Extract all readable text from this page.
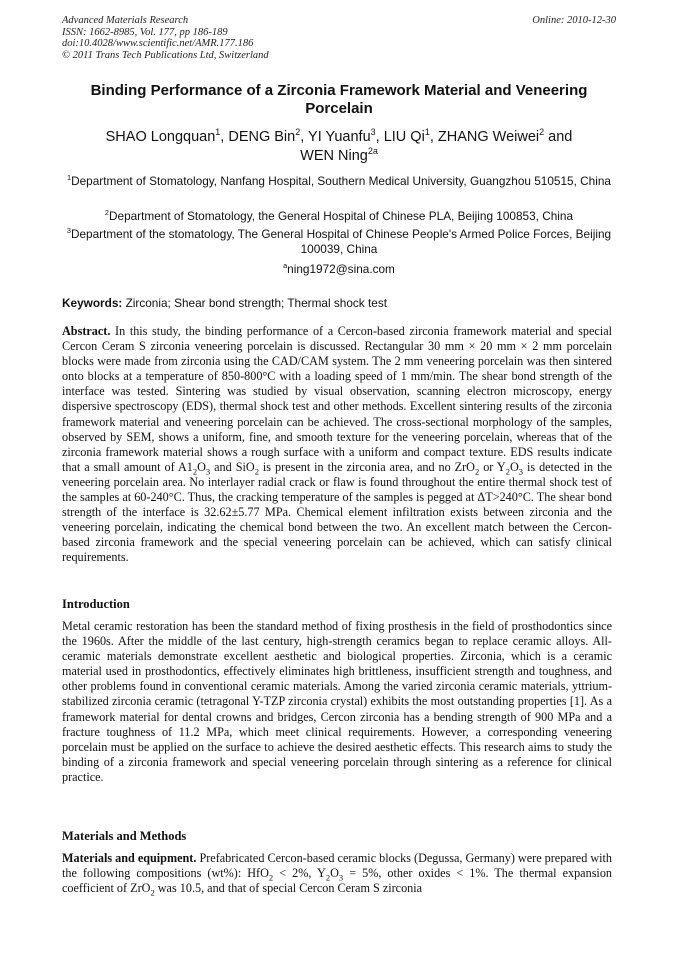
Advanced Materials Research
ISSN: 1662-8985, Vol. 177, pp 186-189
doi:10.4028/www.scientific.net/AMR.177.186
© 2011 Trans Tech Publications Ltd, Switzerland
Online: 2010-12-30
Binding Performance of a Zirconia Framework Material and Veneering Porcelain
SHAO Longquan$^1$, DENG Bin$^2$, YI Yuanfu$^3$, LIU Qi$^1$, ZHANG Weiwei$^2$ and
WEN Ning$^{2a}$
$^1$Department of Stomatology, Nanfang Hospital, Southern Medical University, Guangzhou 510515, China
$^2$Department of Stomatology, the General Hospital of Chinese PLA, Beijing 100853, China
$^3$Department of the stomatology, The General Hospital of Chinese People's Armed Police Forces, Beijing 100039, China
$^a$ning1972@sina.com
Keywords: Zirconia; Shear bond strength; Thermal shock test
Abstract. In this study, the binding performance of a Cercon-based zirconia framework material and special Cercon Ceram S zirconia veneering porcelain is discussed. Rectangular 30 mm × 20 mm × 2 mm porcelain blocks were made from zirconia using the CAD/CAM system. The 2 mm veneering porcelain was then sintered onto blocks at a temperature of 850-800°C with a loading speed of 1 mm/min. The shear bond strength of the interface was tested. Sintering was studied by visual observation, scanning electron microscopy, energy dispersive spectroscopy (EDS), thermal shock test and other methods. Excellent sintering results of the zirconia framework material and veneering porcelain can be achieved. The cross-sectional morphology of the samples, observed by SEM, shows a uniform, fine, and smooth texture for the veneering porcelain, whereas that of the zirconia framework material shows a rough surface with a uniform and compact texture. EDS results indicate that a small amount of $A1_2O_3$ and SiO$_2$ is present in the zirconia area, and no ZrO$_2$ or $Y_2O_3$ is detected in the veneering porcelain area. No interlayer radial crack or flaw is found throughout the entire thermal shock test of the samples at 60-240°C. Thus, the cracking temperature of the samples is pegged at ΔT>240°C. The shear bond strength of the interface is 32.62±5.77 MPa. Chemical element infiltration exists between zirconia and the veneering porcelain, indicating the chemical bond between the two. An excellent match between the Cercon-based zirconia framework and the special veneering porcelain can be achieved, which can satisfy clinical requirements.
Introduction
Metal ceramic restoration has been the standard method of fixing prosthesis in the field of prosthodontics since the 1960s. After the middle of the last century, high-strength ceramics began to replace ceramic alloys. All-ceramic materials demonstrate excellent aesthetic and biological properties. Zirconia, which is a ceramic material used in prosthodontics, effectively eliminates high brittleness, insufficient strength and toughness, and other problems found in conventional ceramic materials. Among the varied zirconia ceramic materials, yttrium-stabilized zirconia ceramic (tetragonal Y-TZP zirconia crystal) exhibits the most outstanding properties [1]. As a framework material for dental crowns and bridges, Cercon zirconia has a bending strength of 900 MPa and a fracture toughness of 11.2 MPa, which meet clinical requirements. However, a corresponding veneering porcelain must be applied on the surface to achieve the desired aesthetic effects. This research aims to study the binding of a zirconia framework and special veneering porcelain through sintering as a reference for clinical practice.
Materials and Methods
Materials and equipment. Prefabricated Cercon-based ceramic blocks (Degussa, Germany) were prepared with the following compositions (wt%): HfO$_2$ < 2%, $Y_2O_3 = 5\%$, other oxides < 1%. The thermal expansion coefficient of ZrO$_2$ was 10.5, and that of special Cercon Ceram S zirconia
